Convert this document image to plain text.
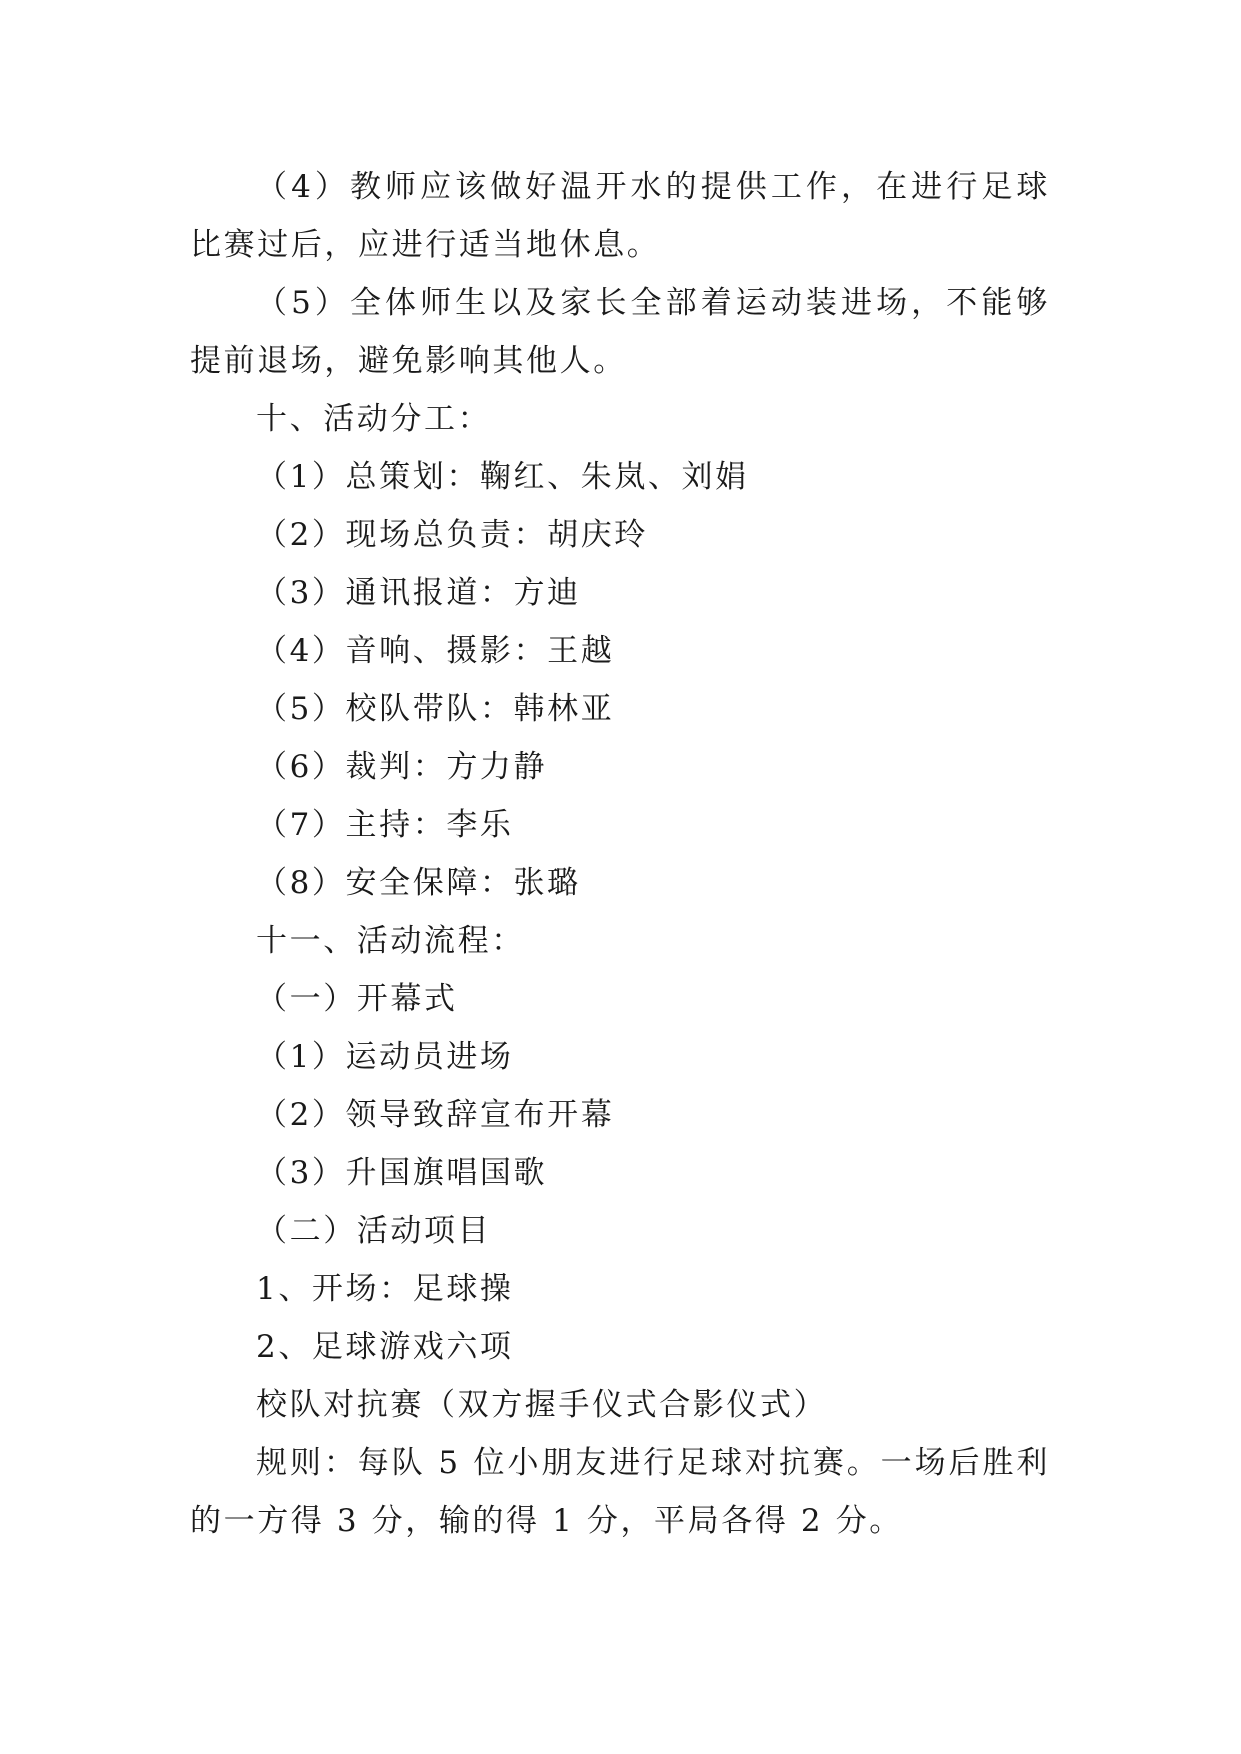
（4）教师应该做好温开水的提供工作，在进行足球比赛过后，应进行适当地休息。

（5）全体师生以及家长全部着运动装进场，不能够提前退场，避免影响其他人。

十、活动分工：

（1）总策划：鞠红、朱岚、刘娟

（2）现场总负责：胡庆玲

（3）通讯报道：方迪

（4）音响、摄影：王越

（5）校队带队：韩林亚

（6）裁判：方力静

（7）主持：李乐

（8）安全保障：张璐

十一、活动流程：

（一）开幕式

（1）运动员进场

（2）领导致辞宣布开幕

（3）升国旗唱国歌

（二）活动项目

1、开场：足球操

2、足球游戏六项

校队对抗赛（双方握手仪式合影仪式）

规则：每队 5 位小朋友进行足球对抗赛。一场后胜利的一方得 3 分，输的得 1 分，平局各得 2 分。
